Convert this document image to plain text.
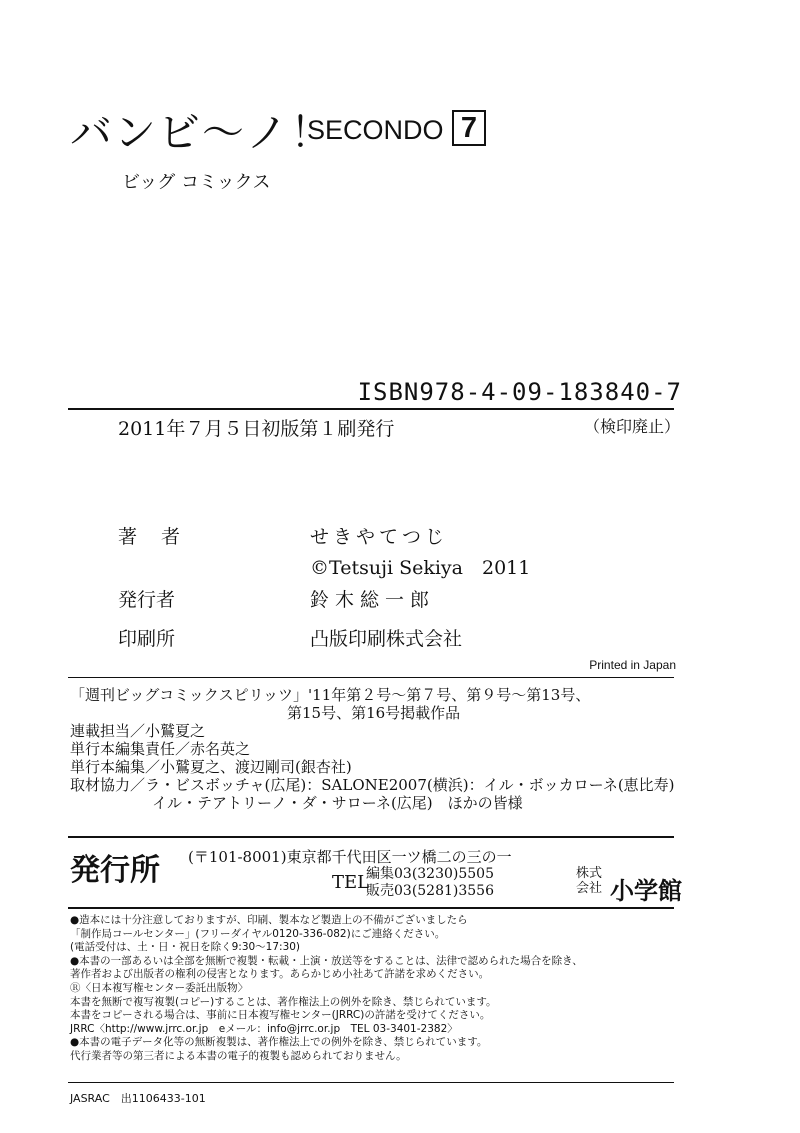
バンビ～ノ！
SECONDO 7
ビッグ コミックス
ISBN978-4-09-183840-7
2011年７月５日初版第１刷発行	（検印廃止）
著者	せきやてつじ
©Tetsuji Sekiya　2011
発行者	鈴木総一郎
印刷所	凸版印刷株式会社
Printed in Japan
「週刊ビッグコミックスピリッツ」'11年第２号～第７号、第９号～第13号、
第15号、第16号掲載作品
連載担当／小鷲夏之
単行本編集責任／赤名英之
単行本編集／小鷲夏之、渡辺剛司(銀杏社)
取材協力／ラ・ビスボッチャ(広尾)：SALONE2007(横浜)：イル・ボッカローネ(恵比寿)
イル・テアトリーノ・ダ・サローネ(広尾)　ほかの皆様
発行所 (〒101-8001)東京都千代田区一ツ橋二の三の一
TEL
編集03(3230)5505
販売03(5281)3556
株式
会社 小学館
●造本には十分注意しておりますが、印刷、製本など製造上の不備がございましたら
「制作局コールセンター」(フリーダイヤル0120-336-082)にご連絡ください。
(電話受付は、土・日・祝日を除く9:30～17:30)
●本書の一部あるいは全部を無断で複製・転載・上演・放送等をすることは、法律で認められた場合を除き、
著作者および出版者の権利の侵害となります。あらかじめ小社あて許諾を求めください。
Ⓡ〈日本複写権センター委託出版物〉
本書を無断で複写複製(コピー)することは、著作権法上の例外を除き、禁じられています。
本書をコピーされる場合は、事前に日本複写権センター(JRRC)の許諾を受けてください。
JRRC〈http://www.jrrc.or.jp　eメール：info@jrrc.or.jp　TEL 03-3401-2382〉
●本書の電子データ化等の無断複製は、著作権法上での例外を除き、禁じられています。
代行業者等の第三者による本書の電子的複製も認められておりません。
JASRAC　出1106433-101
